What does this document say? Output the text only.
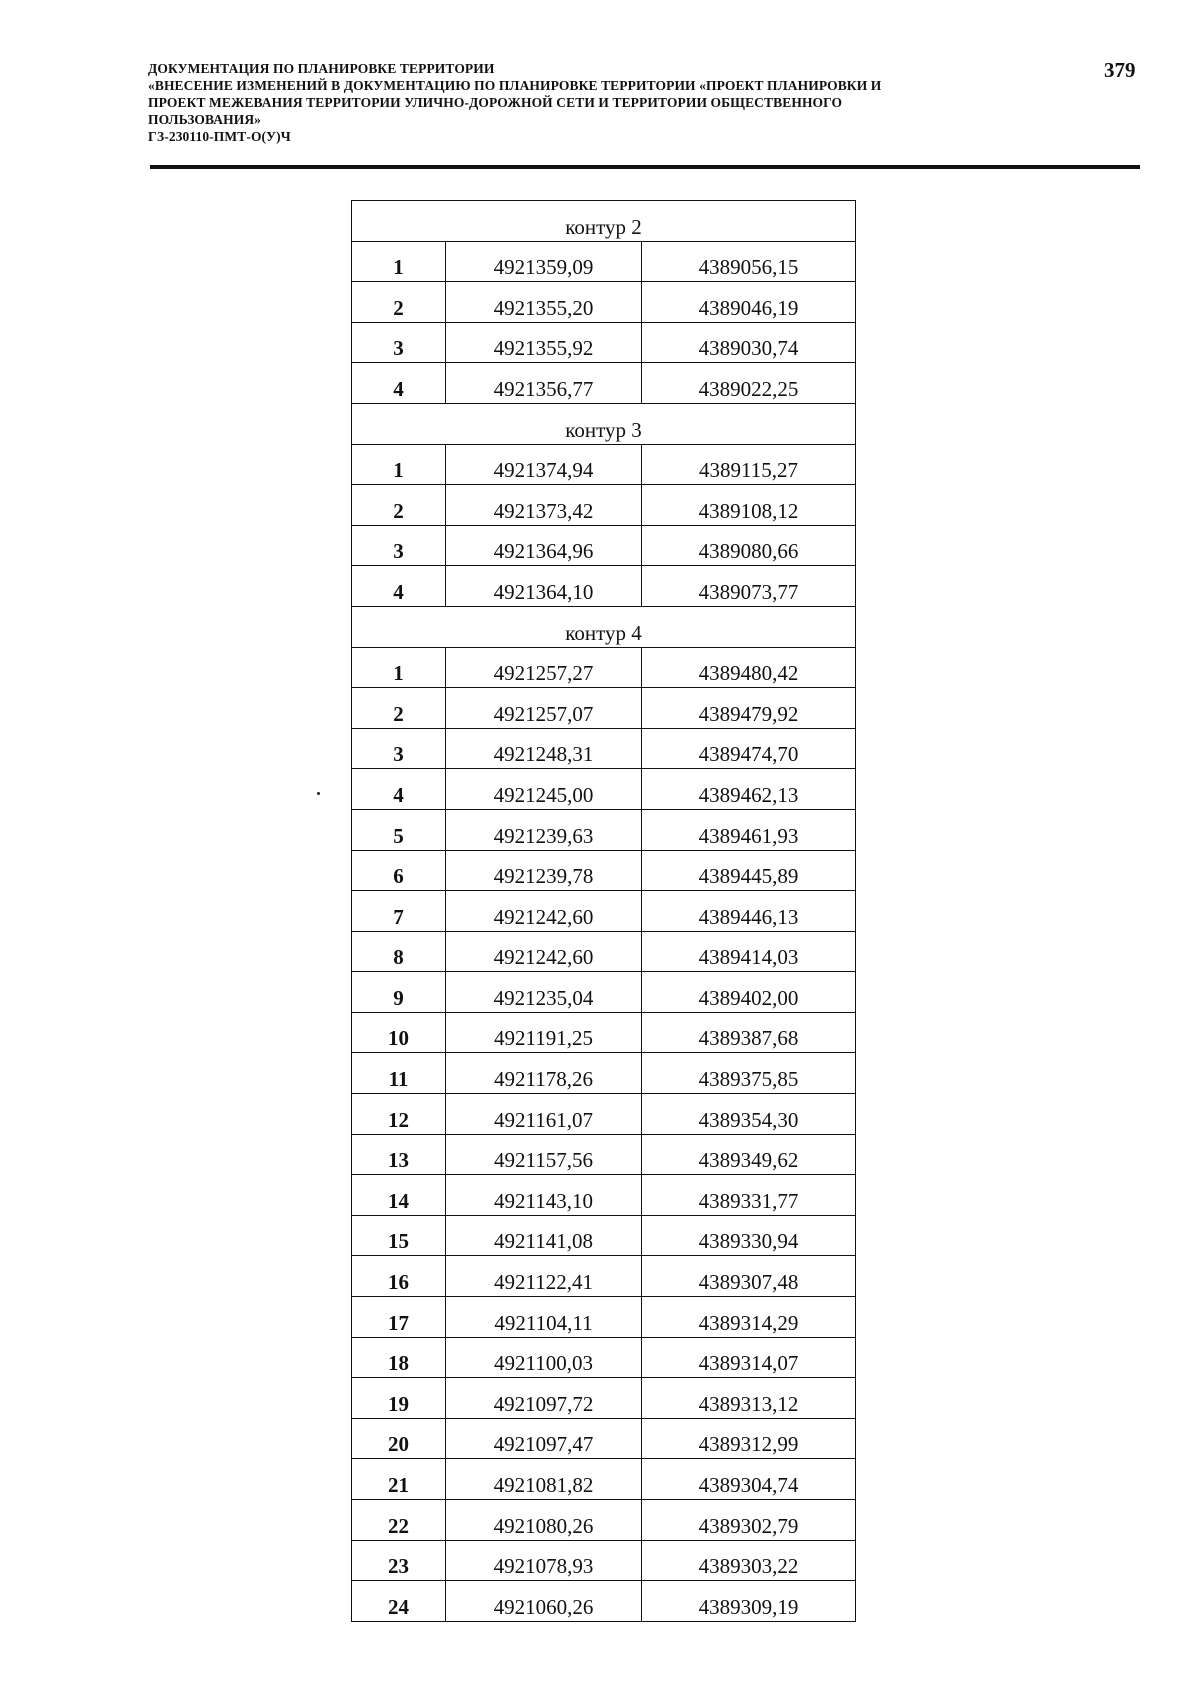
ДОКУМЕНТАЦИЯ ПО ПЛАНИРОВКЕ ТЕРРИТОРИИ
«ВНЕСЕНИЕ ИЗМЕНЕНИЙ В ДОКУМЕНТАЦИЮ ПО ПЛАНИРОВКЕ ТЕРРИТОРИИ «ПРОЕКТ ПЛАНИРОВКИ И
ПРОЕКТ МЕЖЕВАНИЯ ТЕРРИТОРИИ УЛИЧНО-ДОРОЖНОЙ СЕТИ И ТЕРРИТОРИИ ОБЩЕСТВЕННОГО
ПОЛЬЗОВАНИЯ»
ГЗ-230110-ПМТ-О(У)Ч
379
контур 2		
1	4921359,09	4389056,15
2	4921355,20	4389046,19
3	4921355,92	4389030,74
4	4921356,77	4389022,25
контур 3		
1	4921374,94	4389115,27
2	4921373,42	4389108,12
3	4921364,96	4389080,66
4	4921364,10	4389073,77
контур 4		
1	4921257,27	4389480,42
2	4921257,07	4389479,92
3	4921248,31	4389474,70
4	4921245,00	4389462,13
5	4921239,63	4389461,93
6	4921239,78	4389445,89
7	4921242,60	4389446,13
8	4921242,60	4389414,03
9	4921235,04	4389402,00
10	4921191,25	4389387,68
11	4921178,26	4389375,85
12	4921161,07	4389354,30
13	4921157,56	4389349,62
14	4921143,10	4389331,77
15	4921141,08	4389330,94
16	4921122,41	4389307,48
17	4921104,11	4389314,29
18	4921100,03	4389314,07
19	4921097,72	4389313,12
20	4921097,47	4389312,99
21	4921081,82	4389304,74
22	4921080,26	4389302,79
23	4921078,93	4389303,22
24	4921060,26	4389309,19
